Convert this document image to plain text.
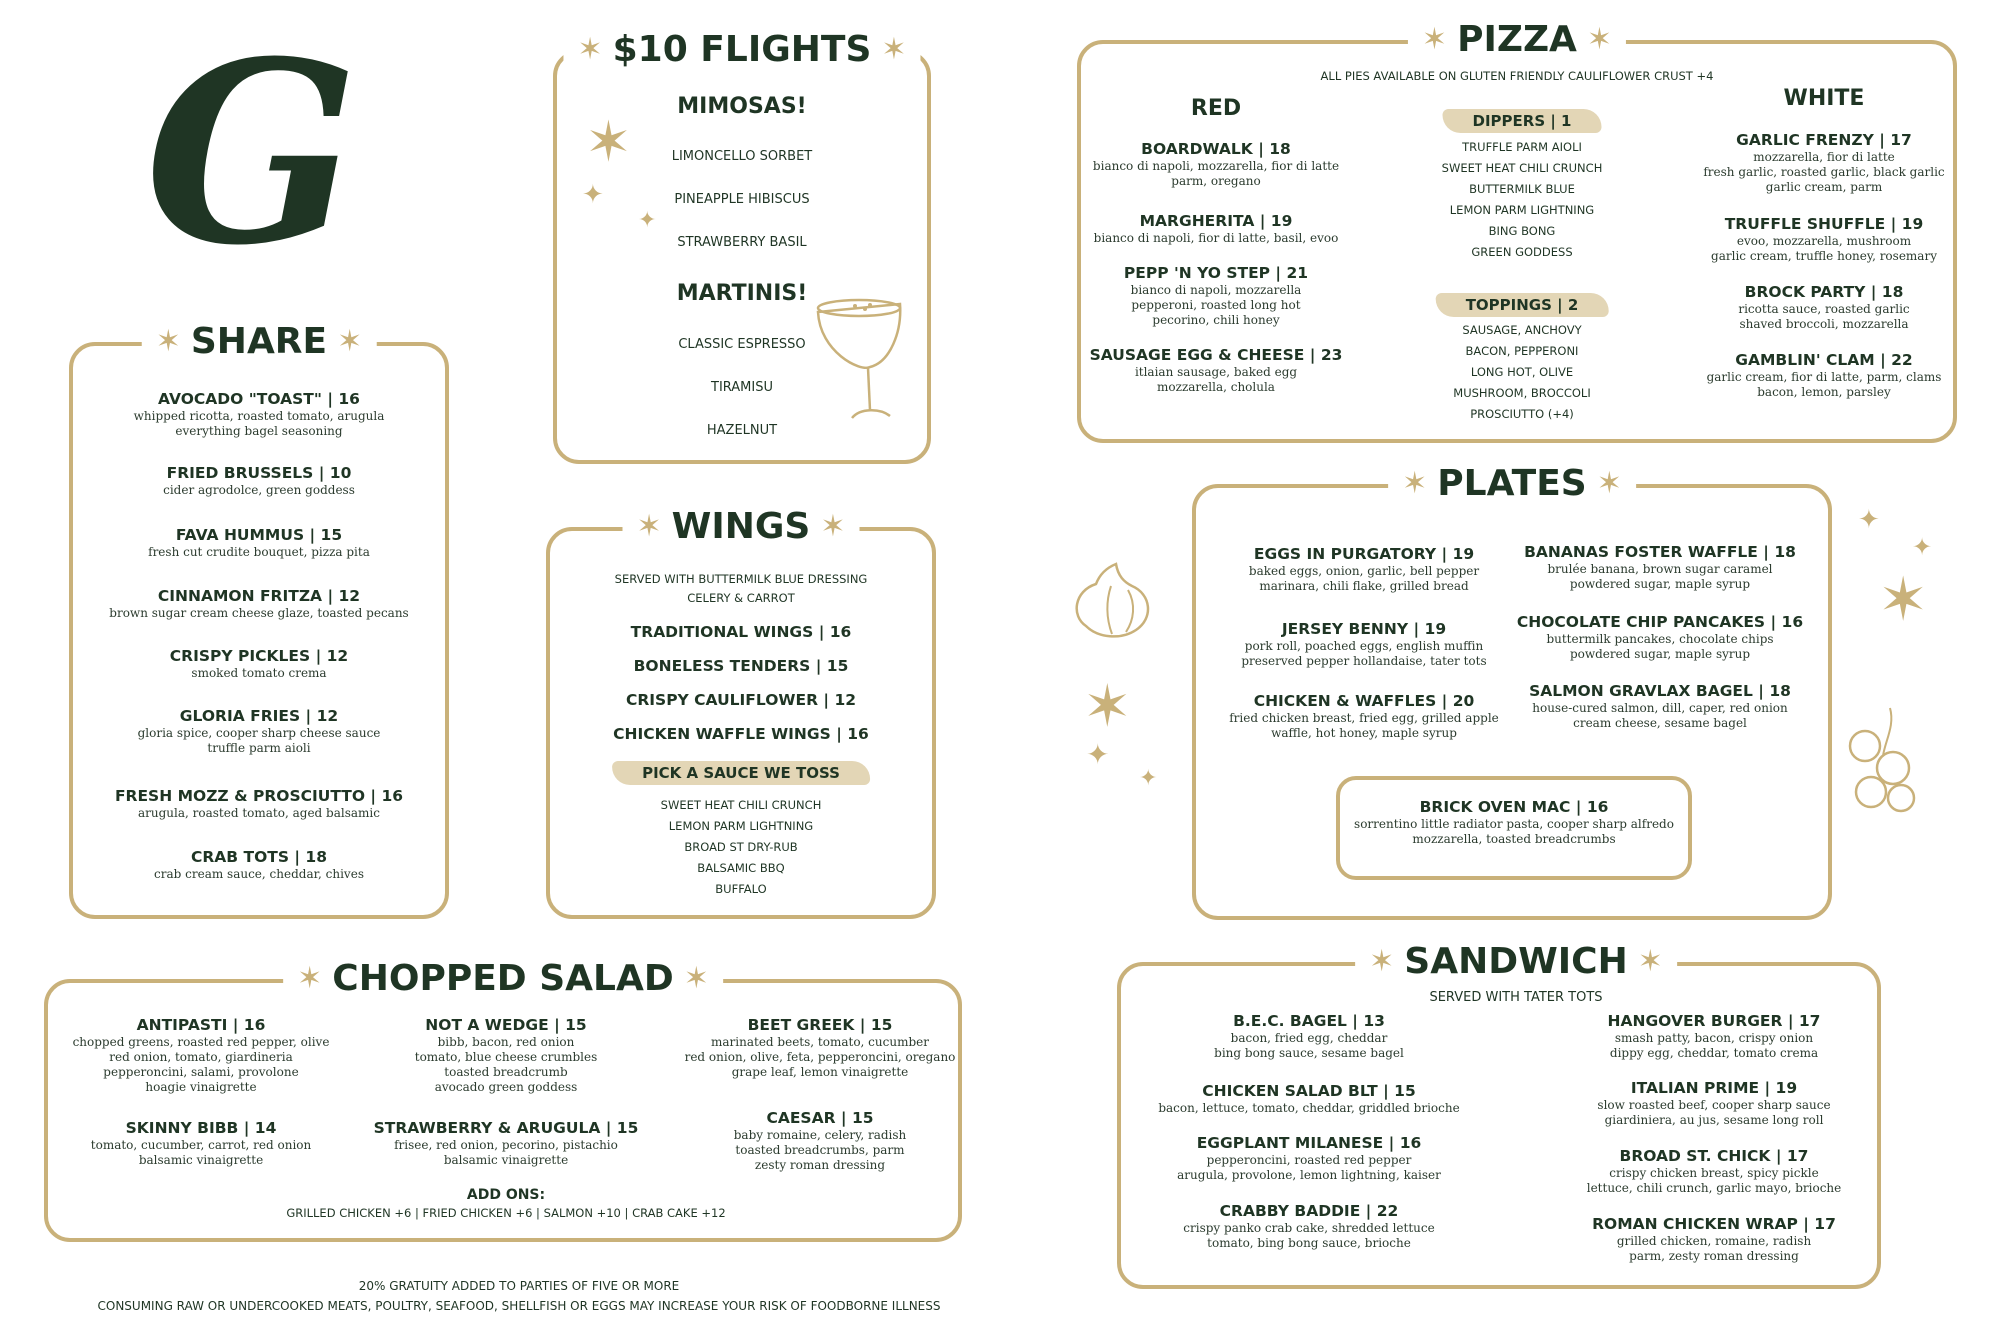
G	✶ $10 FLIGHTS ✶
MIMOSAS!
LIMONCELLO SORBET
PINEAPPLE HIBISCUS
STRAWBERRY BASIL
MARTINIS!
CLASSIC ESPRESSO
TIRAMISU
HAZELNUT
✶
✦
✦
✶ SHARE ✶
AVOCADO "TOAST" | 16
whipped ricotta, roasted tomato, arugula
everything bagel seasoning
FRIED BRUSSELS | 10
cider agrodolce, green goddess
FAVA HUMMUS | 15
fresh cut crudite bouquet, pizza pita
CINNAMON FRITZA | 12
brown sugar cream cheese glaze, toasted pecans
CRISPY PICKLES | 12
smoked tomato crema
GLORIA FRIES | 12
gloria spice, cooper sharp cheese sauce
truffle parm aioli
FRESH MOZZ & PROSCIUTTO | 16
arugula, roasted tomato, aged balsamic
CRAB TOTS | 18
crab cream sauce, cheddar, chives
✶ WINGS ✶
SERVED WITH BUTTERMILK BLUE DRESSING
CELERY & CARROT
TRADITIONAL WINGS | 16
BONELESS TENDERS | 15
CRISPY CAULIFLOWER | 12
CHICKEN WAFFLE WINGS | 16
PICK A SAUCE WE TOSS
SWEET HEAT CHILI CRUNCH
LEMON PARM LIGHTNING
BROAD ST DRY-RUB
BALSAMIC BBQ
BUFFALO
✶ PIZZA ✶
ALL PIES AVAILABLE ON GLUTEN FRIENDLY CAULIFLOWER CRUST +4
RED
BOARDWALK | 18
bianco di napoli, mozzarella, fior di latte
parm, oregano
MARGHERITA | 19
bianco di napoli, fior di latte, basil, evoo
PEPP 'N YO STEP | 21
bianco di napoli, mozzarella
pepperoni, roasted long hot
pecorino, chili honey
SAUSAGE EGG & CHEESE | 23
itlaian sausage, baked egg
mozzarella, cholula
DIPPERS | 1
TRUFFLE PARM AIOLI
SWEET HEAT CHILI CRUNCH
BUTTERMILK BLUE
LEMON PARM LIGHTNING
BING BONG
GREEN GODDESS
TOPPINGS | 2
SAUSAGE, ANCHOVY
BACON, PEPPERONI
LONG HOT, OLIVE
MUSHROOM, BROCCOLI
PROSCIUTTO (+4)
WHITE
GARLIC FRENZY | 17
mozzarella, fior di latte
fresh garlic, roasted garlic, black garlic
garlic cream, parm
TRUFFLE SHUFFLE | 19
evoo, mozzarella, mushroom
garlic cream, truffle honey, rosemary
BROCK PARTY | 18
ricotta sauce, roasted garlic
shaved broccoli, mozzarella
GAMBLIN' CLAM | 22
garlic cream, fior di latte, parm, clams
bacon, lemon, parsley
✶ PLATES ✶
EGGS IN PURGATORY | 19
baked eggs, onion, garlic, bell pepper
marinara, chili flake, grilled bread
JERSEY BENNY | 19
pork roll, poached eggs, english muffin
preserved pepper hollandaise, tater tots
CHICKEN & WAFFLES | 20
fried chicken breast, fried egg, grilled apple
waffle, hot honey, maple syrup
BANANAS FOSTER WAFFLE | 18
brulée banana, brown sugar caramel
powdered sugar, maple syrup
CHOCOLATE CHIP PANCAKES | 16
buttermilk pancakes, chocolate chips
powdered sugar, maple syrup
SALMON GRAVLAX BAGEL | 18
house-cured salmon, dill, caper, red onion
cream cheese, sesame bagel
BRICK OVEN MAC | 16
sorrentino little radiator pasta, cooper sharp alfredo
mozzarella, toasted breadcrumbs
✶ CHOPPED SALAD ✶
ANTIPASTI | 16
chopped greens, roasted red pepper, olive
red onion, tomato, giardineria
pepperoncini, salami, provolone
hoagie vinaigrette
NOT A WEDGE | 15
bibb, bacon, red onion
tomato, blue cheese crumbles
toasted breadcrumb
avocado green goddess
BEET GREEK | 15
marinated beets, tomato, cucumber
red onion, olive, feta, pepperoncini, oregano
grape leaf, lemon vinaigrette
SKINNY BIBB | 14
tomato, cucumber, carrot, red onion
balsamic vinaigrette
STRAWBERRY & ARUGULA | 15
frisee, red onion, pecorino, pistachio
balsamic vinaigrette
CAESAR | 15
baby romaine, celery, radish
toasted breadcrumbs, parm
zesty roman dressing
ADD ONS:
GRILLED CHICKEN +6 | FRIED CHICKEN +6 | SALMON +10 | CRAB CAKE +12
✶ SANDWICH ✶
SERVED WITH TATER TOTS
B.E.C. BAGEL | 13
bacon, fried egg, cheddar
bing bong sauce, sesame bagel
CHICKEN SALAD BLT | 15
bacon, lettuce, tomato, cheddar, griddled brioche
EGGPLANT MILANESE | 16
pepperoncini, roasted red pepper
arugula, provolone, lemon lightning, kaiser
CRABBY BADDIE | 22
crispy panko crab cake, shredded lettuce
tomato, bing bong sauce, brioche
HANGOVER BURGER | 17
smash patty, bacon, crispy onion
dippy egg, cheddar, tomato crema
ITALIAN PRIME | 19
slow roasted beef, cooper sharp sauce
giardiniera, au jus, sesame long roll
BROAD ST. CHICK | 17
crispy chicken breast, spicy pickle
lettuce, chili crunch, garlic mayo, brioche
ROMAN CHICKEN WRAP | 17
grilled chicken, romaine, radish
parm, zesty roman dressing
✶
✦
✦
✦
✦
✶
20% GRATUITY ADDED TO PARTIES OF FIVE OR MORE
CONSUMING RAW OR UNDERCOOKED MEATS, POULTRY, SEAFOOD, SHELLFISH OR EGGS MAY INCREASE YOUR RISK OF FOODBORNE ILLNESS
